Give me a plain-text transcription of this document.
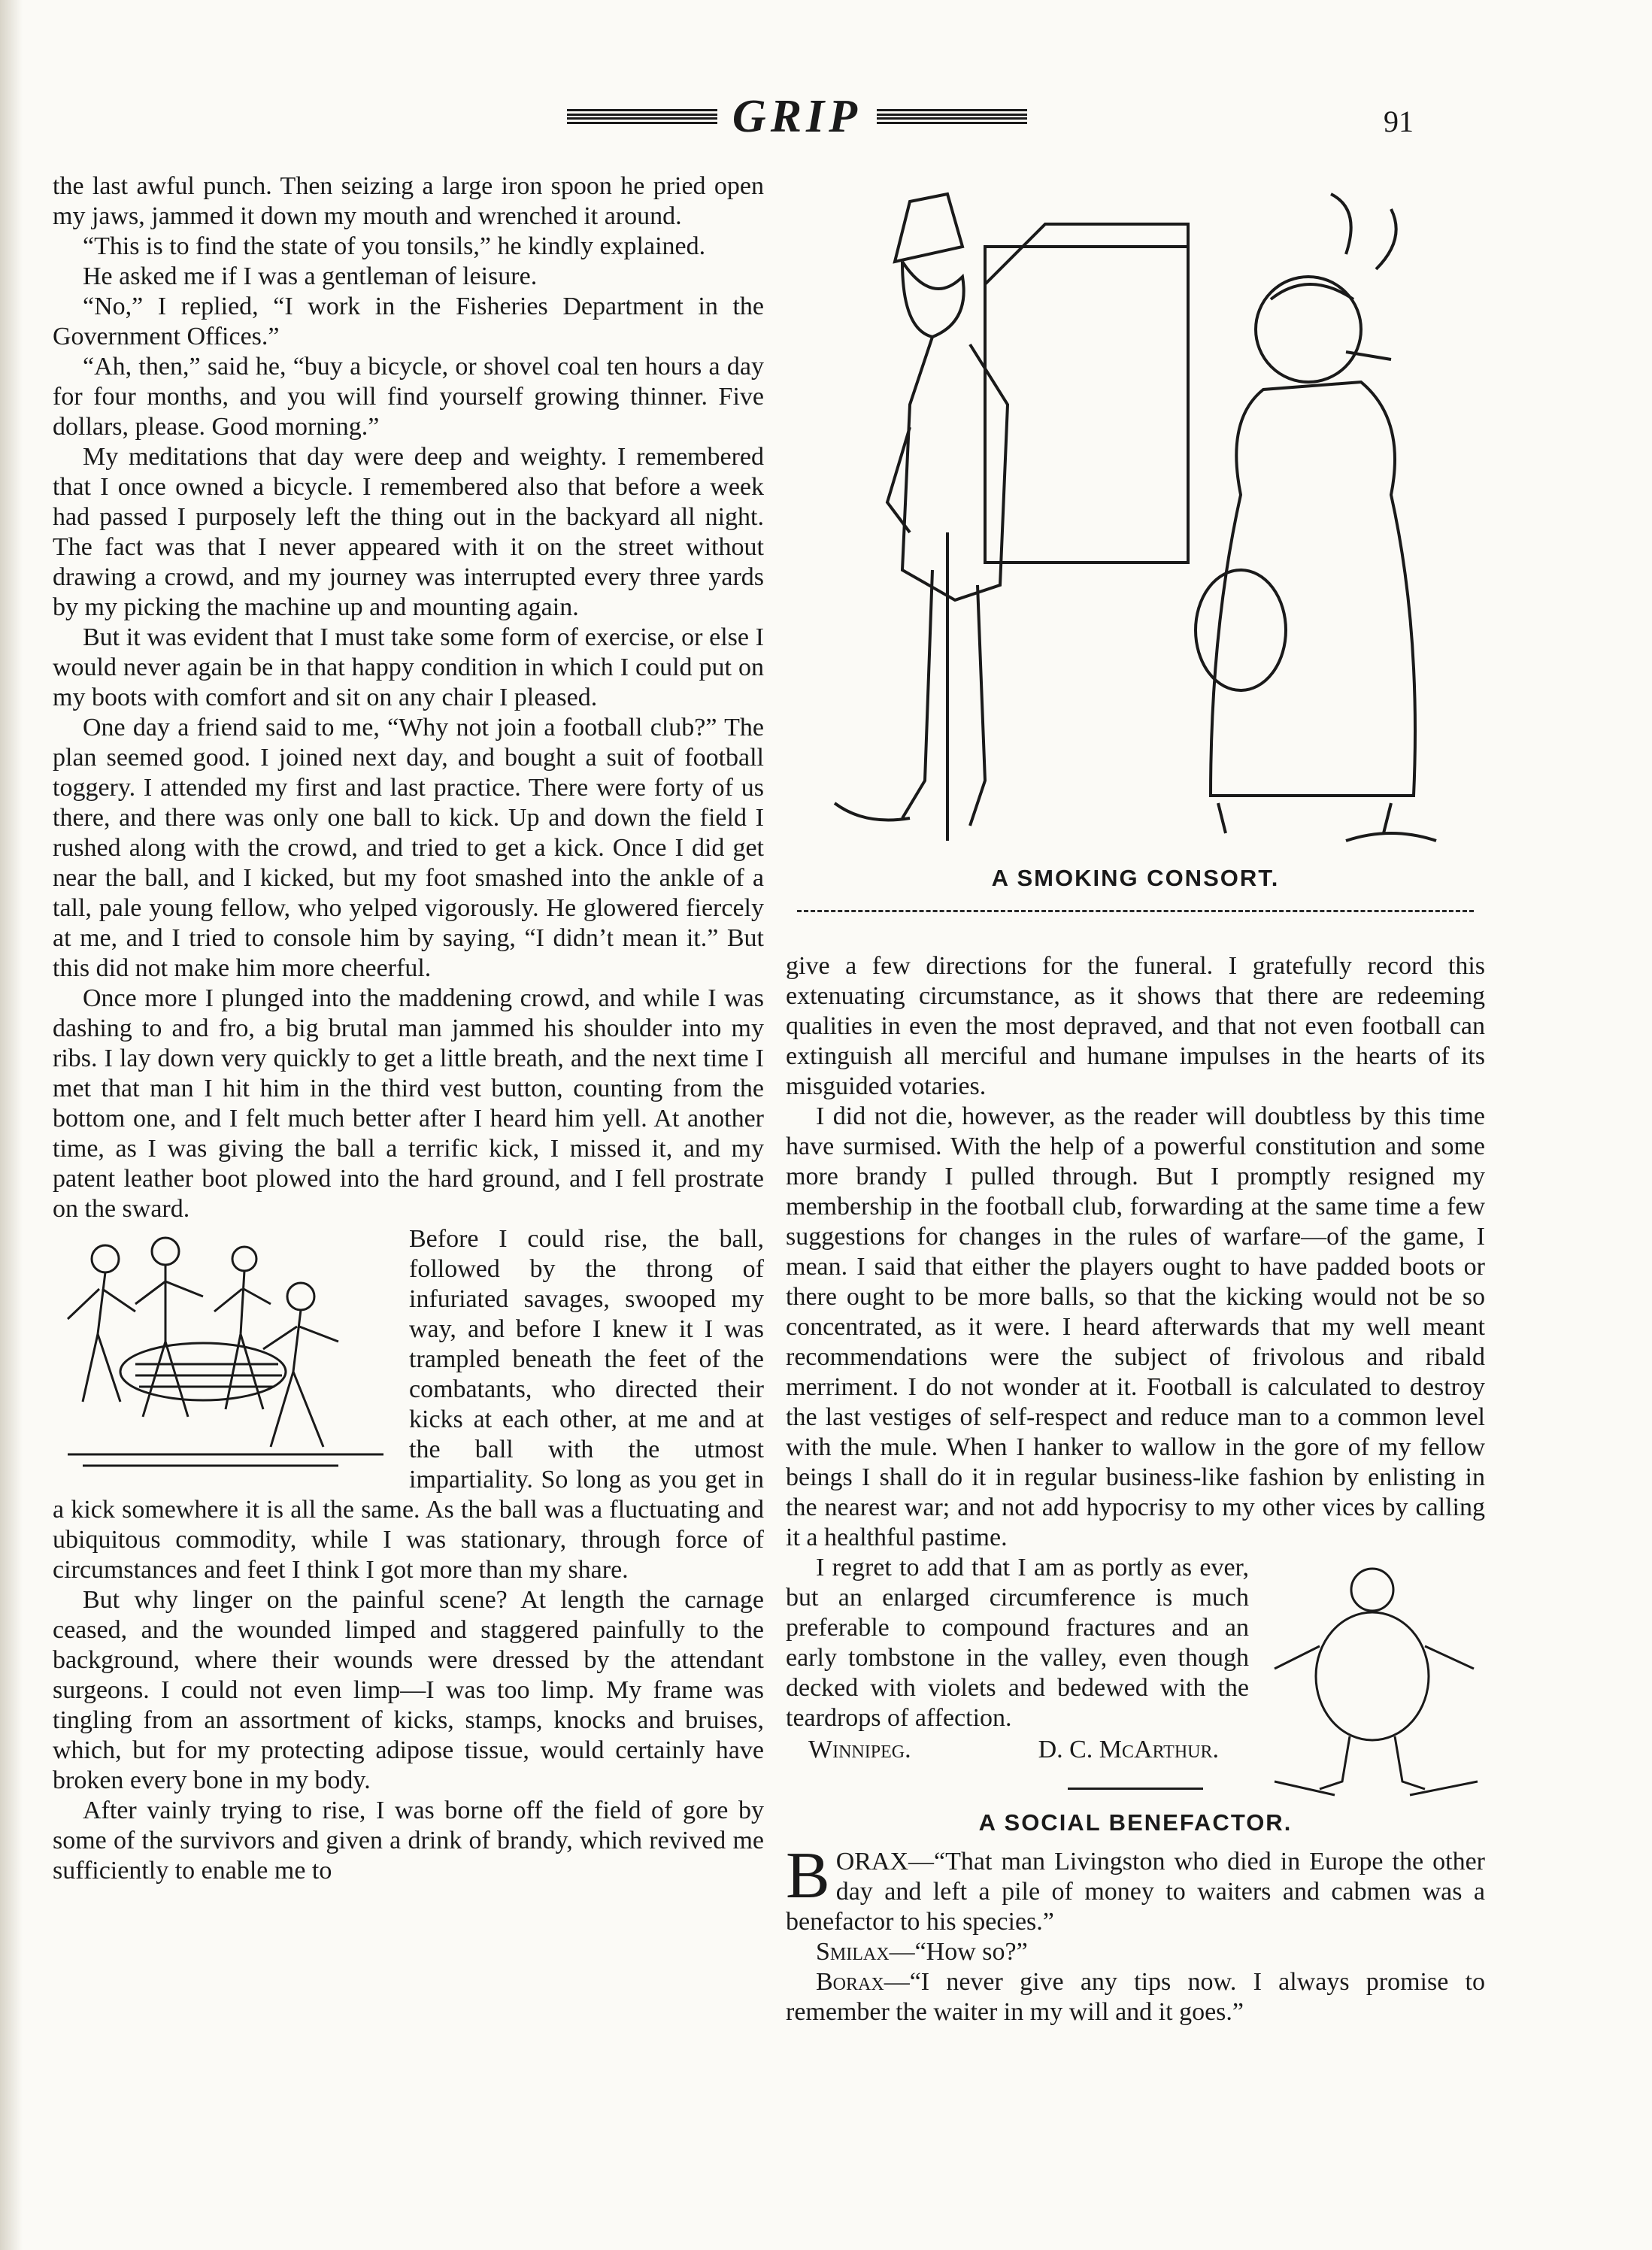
GRIP	91

the last awful punch. Then seizing a large iron spoon he pried open my jaws, jammed it down my mouth and wrenched it around.

“This is to find the state of you tonsils,” he kindly explained.

He asked me if I was a gentleman of leisure.

“No,” I replied, “I work in the Fisheries Department in the Government Offices.”

“Ah, then,” said he, “buy a bicycle, or shovel coal ten hours a day for four months, and you will find yourself growing thinner. Five dollars, please. Good morning.”

My meditations that day were deep and weighty. I remembered that I once owned a bicycle. I remembered also that before a week had passed I purposely left the thing out in the backyard all night. The fact was that I never appeared with it on the street without drawing a crowd, and my journey was interrupted every three yards by my picking the machine up and mounting again.

But it was evident that I must take some form of exercise, or else I would never again be in that happy condition in which I could put on my boots with comfort and sit on any chair I pleased.

One day a friend said to me, “Why not join a football club?” The plan seemed good. I joined next day, and bought a suit of football toggery. I attended my first and last practice. There were forty of us there, and there was only one ball to kick. Up and down the field I rushed along with the crowd, and tried to get a kick. Once I did get near the ball, and I kicked, but my foot smashed into the ankle of a tall, pale young fellow, who yelped vigorously. He glowered fiercely at me, and I tried to console him by saying, “I didn’t mean it.” But this did not make him more cheerful.

Once more I plunged into the maddening crowd, and while I was dashing to and fro, a big brutal man jammed his shoulder into my ribs. I lay down very quickly to get a little breath, and the next time I met that man I hit him in the third vest button, counting from the bottom one, and I felt much better after I heard him yell. At another time, as I was giving the ball a terrific kick, I missed it, and my patent leather boot plowed into the hard ground, and I fell prostrate on the sward.

Before I could rise, the ball, followed by the throng of infuriated savages, swooped my way, and before I knew it I was trampled beneath the feet of the combatants, who directed their kicks at each other, at me and at the ball with the utmost impartiality. So long as you get in a kick somewhere it is all the same. As the ball was a fluctuating and ubiquitous commodity, while I was stationary, through force of circumstances and feet I think I got more than my share.

But why linger on the painful scene? At length the carnage ceased, and the wounded limped and staggered painfully to the background, where their wounds were dressed by the attendant surgeons. I could not even limp—I was too limp. My frame was tingling from an assortment of kicks, stamps, knocks and bruises, which, but for my protecting adipose tissue, would certainly have broken every bone in my body.

After vainly trying to rise, I was borne off the field of gore by some of the survivors and given a drink of brandy, which revived me sufficiently to enable me to

A SMOKING CONSORT.

give a few directions for the funeral. I gratefully record this extenuating circumstance, as it shows that there are redeeming qualities in even the most depraved, and that not even football can extinguish all merciful and humane impulses in the hearts of its misguided votaries.

I did not die, however, as the reader will doubtless by this time have surmised. With the help of a powerful constitution and some more brandy I pulled through. But I promptly resigned my membership in the football club, forwarding at the same time a few suggestions for changes in the rules of warfare—of the game, I mean. I said that either the players ought to have padded boots or there ought to be more balls, so that the kicking would not be so concentrated, as it were. I heard afterwards that my well meant recommendations were the subject of frivolous and ribald merriment. I do not wonder at it. Football is calculated to destroy the last vestiges of self-respect and reduce man to a common level with the mule. When I hanker to wallow in the gore of my fellow beings I shall do it in regular business-like fashion by enlisting in the nearest war; and not add hypocrisy to my other vices by calling it a healthful pastime.

I regret to add that I am as portly as ever, but an enlarged circumference is much preferable to compound fractures and an early tombstone in the valley, even though decked with violets and bedewed with the teardrops of affection.

Winnipeg.	D. C. McArthur.
A SOCIAL BENEFACTOR.

BORAX—“That man Livingston who died in Europe the other day and left a pile of money to waiters and cabmen was a benefactor to his species.”

Smilax—“How so?”

Borax—“I never give any tips now. I always promise to remember the waiter in my will and it goes.”
